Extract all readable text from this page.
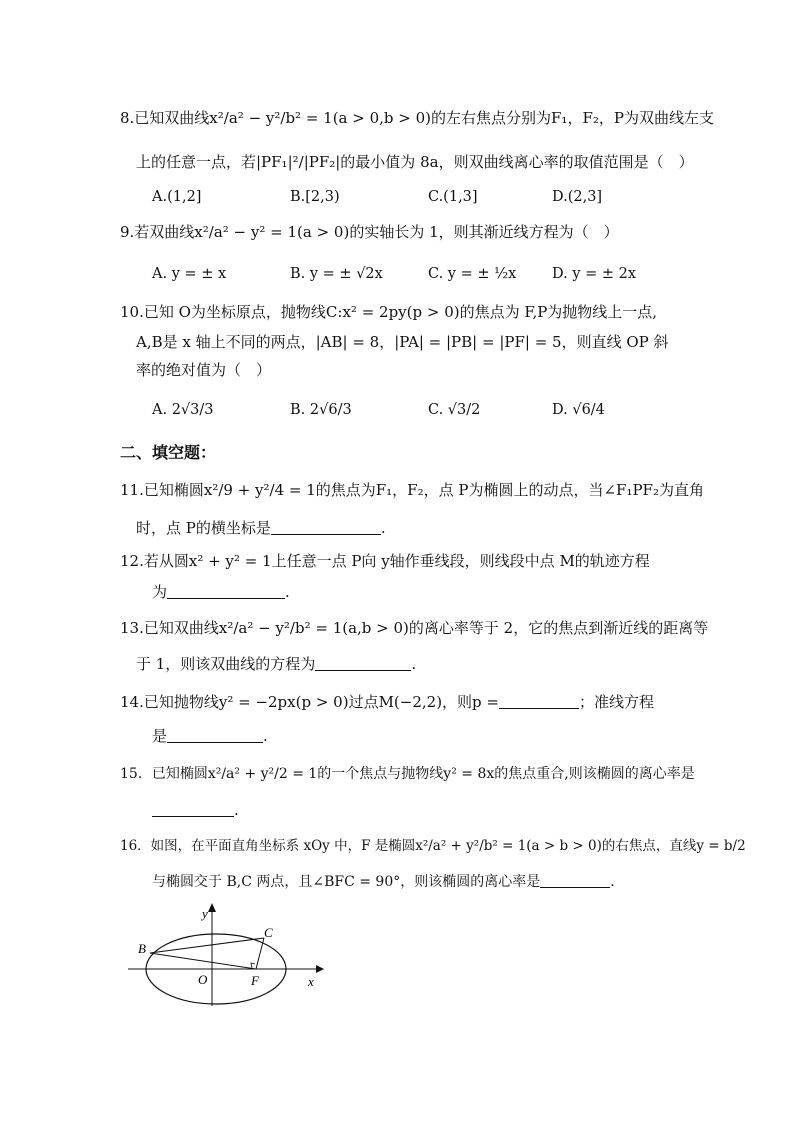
8.已知双曲线x²/a² − y²/b² = 1(a > 0,b > 0)的左右焦点分别为F₁，F₂，P为双曲线左支
上的任意一点，若|PF₁|²/|PF₂|的最小值为 8a，则双曲线离心率的取值范围是（　）
A.(1,2]	B.[2,3)	C.(1,3]	D.(2,3]
9.若双曲线x²/a² − y² = 1(a > 0)的实轴长为 1，则其渐近线方程为（　）
A. y = ± x	B. y = ± √2x	C. y = ± ½x D. y = ± 2x
10.已知 O为坐标原点，抛物线C:x² = 2py(p > 0)的焦点为 F,P为抛物线上一点,
A,B是 x 轴上不同的两点，|AB| = 8，|PA| = |PB| = |PF| = 5，则直线 OP 斜
率的绝对值为（　）
A. 2√3/3	B. 2√6/3	C. √3/2	D. √6/4
二、填空题：
11.已知椭圆x²/9 + y²/4 = 1的焦点为F₁，F₂，点 P为椭圆上的动点，当∠F₁PF₂为直角
时，点 P的横坐标是	.
12.若从圆x² + y² = 1上任意一点 P向 y轴作垂线段，则线段中点 M的轨迹方程
为	.
13.已知双曲线x²/a² − y²/b² = 1(a,b > 0)的离心率等于 2，它的焦点到渐近线的距离等
于 1，则该双曲线的方程为	.
14.已知抛物线y² = −2px(p > 0)过点M(−2,2)，则p =	；准线方程
是	.
15．已知椭圆x²/a² + y²/2 = 1的一个焦点与抛物线y² = 8x的焦点重合,则该椭圆的离心率是
.
16．如图，在平面直角坐标系 xOy 中，F 是椭圆x²/a² + y²/b² = 1(a > b > 0)的右焦点，直线y = b/2
与椭圆交于 B,C 两点，且∠BFC = 90°，则该椭圆的离心率是	.
y
x
O	F
B
C
